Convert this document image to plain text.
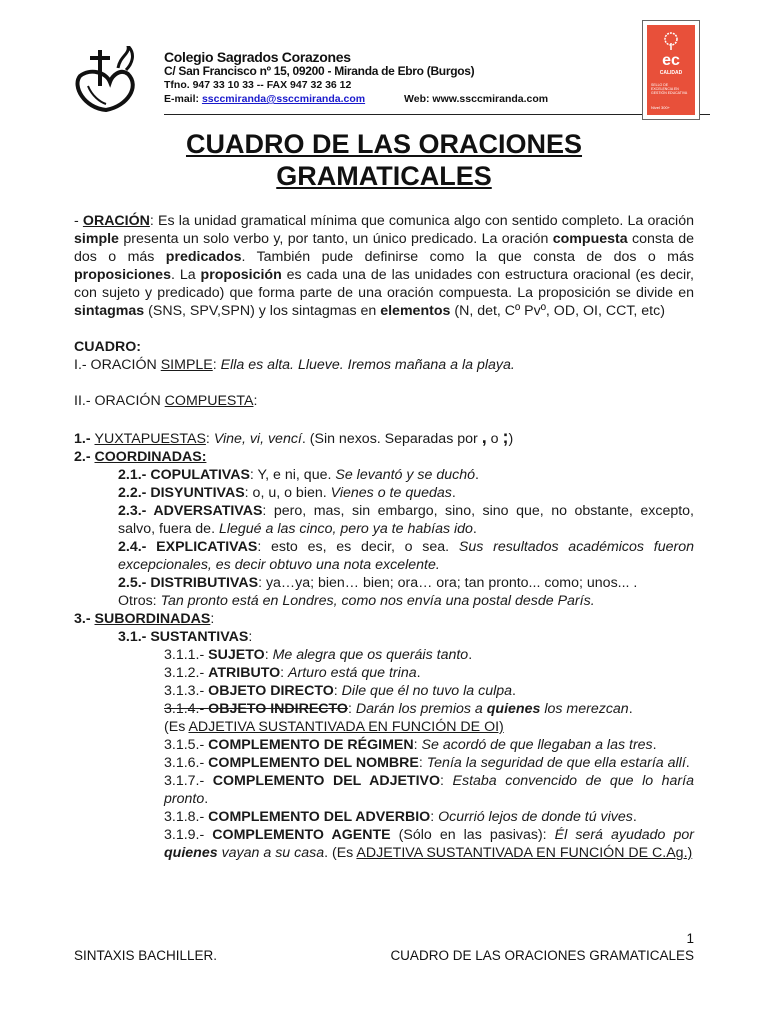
Colegio Sagrados Corazones
C/ San Francisco nº 15, 09200 - Miranda de Ebro (Burgos)
Tfno. 947 33 10 33 -- FAX 947 32 36 12
E-mail: ssccmiranda@ssccmiranda.com	Web: www.ssccmiranda.com
ec
CALIDAD
SELLO DE EXCELENCIA EN GESTIÓN EDUCATIVA
Nivel 300+
CUADRO DE LAS ORACIONES
GRAMATICALES

- ORACIÓN: Es la unidad gramatical mínima que comunica algo con sentido completo. La oración simple presenta un solo verbo y, por tanto, un único predicado. La oración compuesta consta de dos o más predicados. También pude definirse como la que consta de dos o más proposiciones. La proposición es cada una de las unidades con estructura oracional (es decir, con sujeto y predicado) que forma parte de una oración compuesta. La proposición se divide en sintagmas (SNS, SPV,SPN) y los sintagmas en elementos (N, det, Cº Pvº, OD, OI, CCT, etc)

CUADRO:

I.- ORACIÓN SIMPLE: Ella es alta. Llueve. Iremos mañana a la playa.

II.- ORACIÓN COMPUESTA:

1.- YUXTAPUESTAS: Vine, vi, vencí. (Sin nexos. Separadas por , o ;)

2.- COORDINADAS:

2.1.- COPULATIVAS: Y, e ni, que. Se levantó y se duchó.

2.2.- DISYUNTIVAS: o, u, o bien. Vienes o te quedas.

2.3.- ADVERSATIVAS: pero, mas, sin embargo, sino, sino que, no obstante, excepto, salvo, fuera de. Llegué a las cinco, pero ya te habías ido.

2.4.- EXPLICATIVAS: esto es, es decir, o sea. Sus resultados académicos fueron excepcionales, es decir obtuvo una nota excelente.

2.5.- DISTRIBUTIVAS: ya…ya; bien… bien; ora… ora; tan pronto... como; unos... .

Otros: Tan pronto está en Londres, como nos envía una postal desde París.

3.- SUBORDINADAS:

3.1.- SUSTANTIVAS:

3.1.1.- SUJETO: Me alegra que os queráis tanto.

3.1.2.- ATRIBUTO: Arturo está que trina.

3.1.3.- OBJETO DIRECTO: Dile que él no tuvo la culpa.

3.1.4.- OBJETO INDIRECTO: Darán los premios a quienes los merezcan.
(Es ADJETIVA SUSTANTIVADA EN FUNCIÓN DE OI)

3.1.5.- COMPLEMENTO DE RÉGIMEN: Se acordó de que llegaban a las tres.

3.1.6.- COMPLEMENTO DEL NOMBRE: Tenía la seguridad de que ella estaría allí.

3.1.7.- COMPLEMENTO DEL ADJETIVO: Estaba convencido de que lo haría pronto.

3.1.8.- COMPLEMENTO DEL ADVERBIO: Ocurrió lejos de donde tú vives.

3.1.9.- COMPLEMENTO AGENTE (Sólo en las pasivas): Él será ayudado por quienes vayan a su casa. (Es ADJETIVA SUSTANTIVADA EN FUNCIÓN DE C.Ag.)

1
SINTAXIS BACHILLER.	CUADRO DE LAS ORACIONES GRAMATICALES
